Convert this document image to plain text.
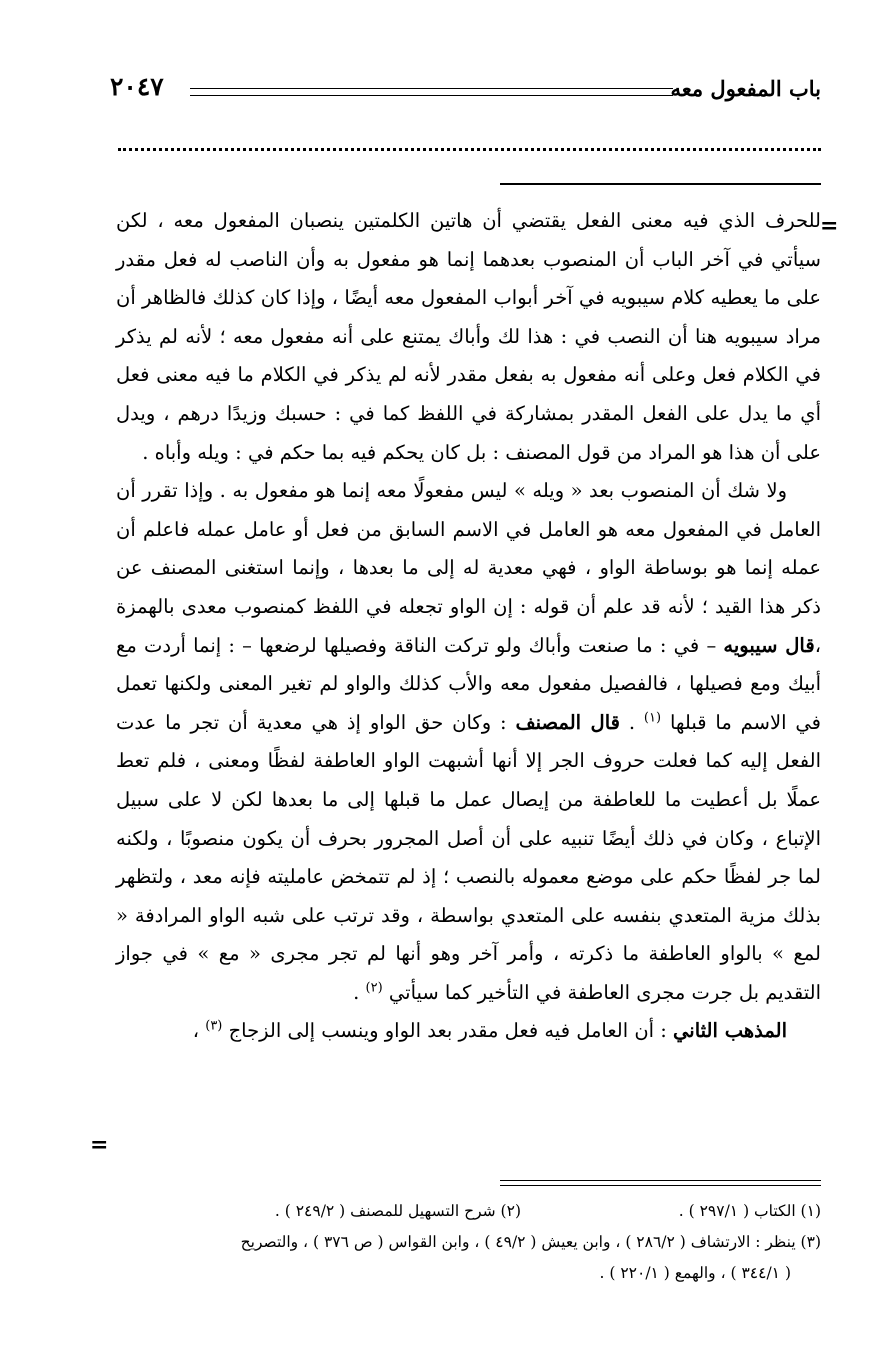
باب المفعول معه
٢٠٤٧
=

للحرف الذي فيه معنى الفعل يقتضي أن هاتين الكلمتين ينصبان المفعول معه ، لكن سيأتي في آخر الباب أن المنصوب بعدهما إنما هو مفعول به وأن الناصب له فعل مقدر على ما يعطيه كلام سيبويه في آخر أبواب المفعول معه أيضًا ، وإذا كان كذلك فالظاهر أن مراد سيبويه هنا أن النصب في : هذا لك وأباك يمتنع على أنه مفعول معه ؛ لأنه لم يذكر في الكلام فعل وعلى أنه مفعول به بفعل مقدر لأنه لم يذكر في الكلام ما فيه معنى فعل أي ما يدل على الفعل المقدر بمشاركة في اللفظ كما في : حسبك وزيدًا درهم ، ويدل على أن هذا هو المراد من قول المصنف : بل كان يحكم فيه بما حكم في : ويله وأباه .

ولا شك أن المنصوب بعد « ويله » ليس مفعولًا معه إنما هو مفعول به . وإذا تقرر أن العامل في المفعول معه هو العامل في الاسم السابق من فعل أو عامل عمله فاعلم أن عمله إنما هو بوساطة الواو ، فهي معدية له إلى ما بعدها ، وإنما استغنى المصنف عن ذكر هذا القيد ؛ لأنه قد علم أن قوله : إن الواو تجعله في اللفظ كمنصوب معدى بالهمزة ،قال سيبويه – في : ما صنعت وأباك ولو تركت الناقة وفصيلها لرضعها – : إنما أردت مع أبيك ومع فصيلها ، فالفصيل مفعول معه والأب كذلك والواو لم تغير المعنى ولكنها تعمل في الاسم ما قبلها $^{(١)}$ . قال المصنف : وكان حق الواو إذ هي معدية أن تجر ما عدت الفعل إليه كما فعلت حروف الجر إلا أنها أشبهت الواو العاطفة لفظًا ومعنى ، فلم تعط عملًا بل أعطيت ما للعاطفة من إيصال عمل ما قبلها إلى ما بعدها لكن لا على سبيل الإتباع ، وكان في ذلك أيضًا تنبيه على أن أصل المجرور بحرف أن يكون منصوبًا ، ولكنه لما جر لفظًا حكم على موضع معموله بالنصب ؛ إذ لم تتمخض عامليته فإنه معد ، ولتظهر بذلك مزية المتعدي بنفسه على المتعدي بواسطة ، وقد ترتب على شبه الواو المرادفة « لمع » بالواو العاطفة ما ذكرته ، وأمر آخر وهو أنها لم تجر مجرى « مع » في جواز التقديم بل جرت مجرى العاطفة في التأخير كما سيأتي $^{(٢)}$ .

المذهب الثاني : أن العامل فيه فعل مقدر بعد الواو وينسب إلى الزجاج $^{(٣)}$ ،

=
(١) الكتاب ( ٢٩٧/١ ) .
(٢) شرح التسهيل للمصنف ( ٢٤٩/٢ ) .
(٣) ينظر : الارتشاف ( ٢٨٦/٢ ) ، وابن يعيش ( ٤٩/٢ ) ، وابن القواس ( ص ٣٧٦ ) ، والتصريح
( ٣٤٤/١ ) ، والهمع ( ٢٢٠/١ ) .
